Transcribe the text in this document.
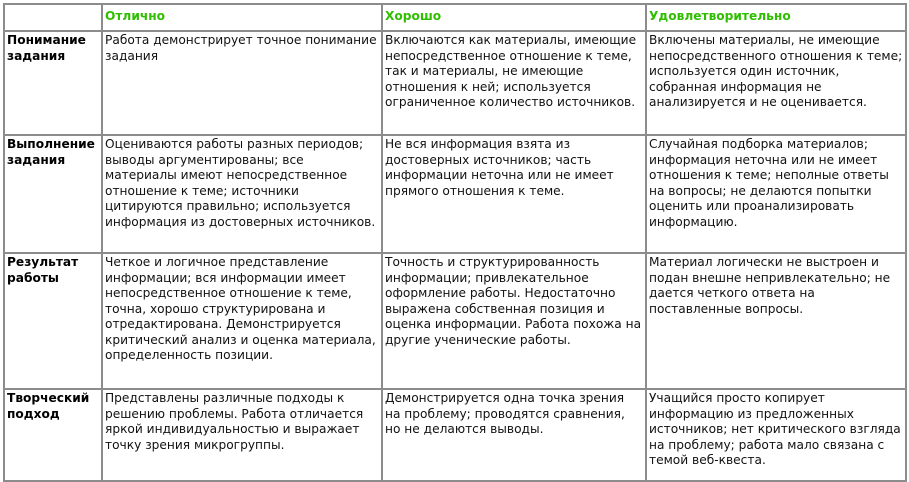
	Отлично	Хорошо	Удовлетворительно
Понимание задания	Работа демонстрирует точное понимание задания	Включаются как материалы, имеющие непосредственное отношение к теме, так и материалы, не имеющие отношения к ней; используется ограниченное количество источников.	Включены материалы, не имеющие непосредственного отношения к теме; используется один источник, собранная информация не анализируется и не оценивается.
Выполнение задания	Оцениваются работы разных периодов; выводы аргументированы; все материалы имеют непосредственное отношение к теме; источники цитируются правильно; используется информация из достоверных источников.	Не вся информация взята из достоверных источников; часть информации неточна или не имеет прямого отношения к теме.	Случайная подборка материалов; информация неточна или не имеет отношения к теме; неполные ответы на вопросы; не делаются попытки оценить или проанализировать информацию.
Результат работы	Четкое и логичное представление информации; вся информации имеет непосредственное отношение к теме, точна, хорошо структурирована и отредактирована. Демонстрируется критический анализ и оценка материала, определенность позиции.	Точность и структурированность информации; привлекательное оформление работы. Недостаточно выражена собственная позиция и оценка информации. Работа похожа на другие ученические работы.	Материал логически не выстроен и подан внешне непривлекательно; не дается четкого ответа на поставленные вопросы.
Творческий подход	Представлены различные подходы к решению проблемы. Работа отличается яркой индивидуальностью и выражает точку зрения микрогруппы.	Демонстрируется одна точка зрения на проблему; проводятся сравнения, но не делаются выводы.	Учащийся просто копирует информацию из предложенных источников; нет критического взгляда на проблему; работа мало связана с темой веб-квеста.
